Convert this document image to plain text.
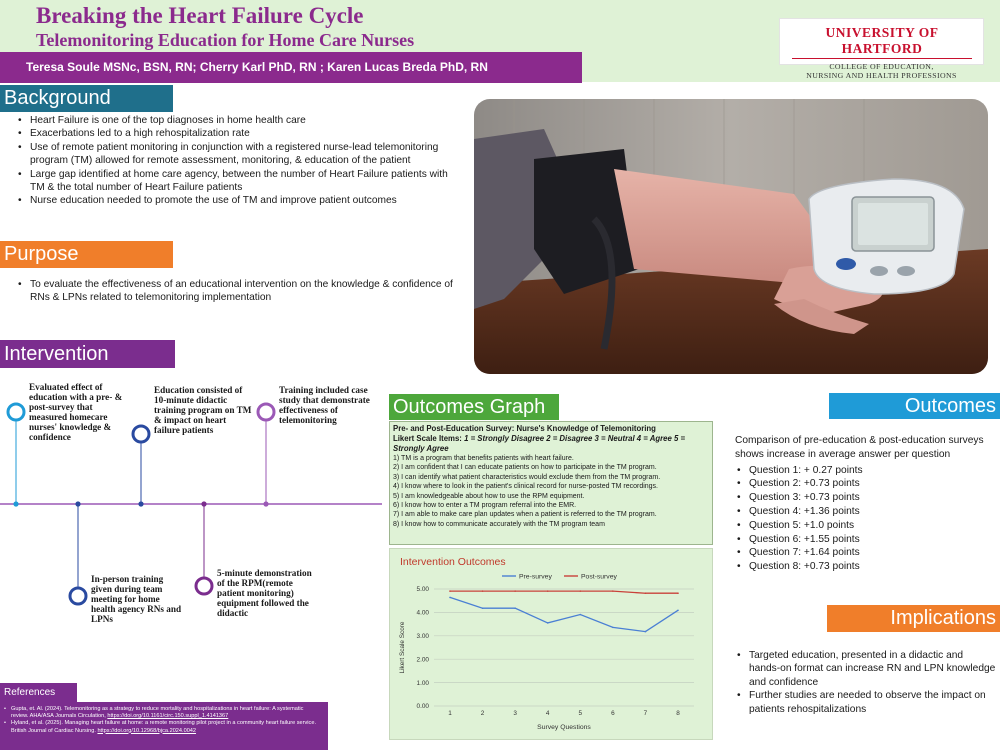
Breaking the Heart Failure Cycle
Telemonitoring Education for Home Care Nurses
Teresa Soule MSNc, BSN, RN; Cherry Karl PhD, RN ; Karen Lucas Breda PhD, RN
UNIVERSITY OF HARTFORD
COLLEGE OF EDUCATION,
NURSING AND HEALTH PROFESSIONS
Background
• Heart Failure is one of the top diagnoses in home health care
• Exacerbations led to a high rehospitalization rate
• Use of remote patient monitoring in conjunction with a registered nurse-lead telemonitoring program (TM) allowed for remote assessment, monitoring, & education of the patient
• Large gap identified at home care agency, between the number of Heart Failure patients with TM & the total number of Heart Failure patients
• Nurse education needed to promote the use of TM and improve patient outcomes
Purpose
• To evaluate the effectiveness of an educational intervention on the knowledge & confidence of RNs & LPNs related to telemonitoring implementation
Intervention
Evaluated effect of education with a pre- & post-survey that measured homecare nurses' knowledge & confidence
In-person training given during team meeting for home health agency RNs and LPNs
Education consisted of 10-minute didactic training program on TM & impact on heart failure patients
5-minute demonstration of the RPM(remote patient monitoring) equipment followed the didactic
Training included case study that demonstrate effectiveness of telemonitoring
Outcomes Graph
Pre- and Post-Education Survey: Nurse's Knowledge of Telemonitoring
Likert Scale Items: 1 = Strongly Disagree 2 = Disagree 3 = Neutral 4 = Agree 5 = Strongly Agree
1) TM is a program that benefits patients with heart failure.
2) I am confident that I can educate patients on how to participate in the TM program.
3) I can identify what patient characteristics would exclude them from the TM program.
4) I know where to look in the patient's clinical record for nurse-posted TM recordings.
5) I am knowledgeable about how to use the RPM equipment.
6) I know how to enter a TM program referral into the EMR.
7) I am able to make care plan updates when a patient is referred to the TM program.
8) I know how to communicate accurately with the TM program team
Intervention Outcomes
Pre-survey	Post-survey
0.00
1.00
2.00
3.00
4.00
5.00
1	2	3	4	5	6	7	8
Survey Questions
Likert Scale Score
Outcomes
Comparison of pre-education & post-education surveys shows increase in average answer per question
• Question 1: + 0.27 points
• Question 2: +0.73 points
• Question 3: +0.73 points
• Question 4: +1.36 points
• Question 5: +1.0 points
• Question 6: +1.55 points
• Question 7: +1.64 points
• Question 8: +0.73 points
Implications
• Targeted education, presented in a didactic and hands-on format can increase RN and LPN knowledge and confidence
• Further studies are needed to observe the impact on patients rehospitalizations
References
• Gupta, et. Al. (2024). Telemonitoring as a strategy to reduce mortality and hospitalizations in heart failure: A systematic review. AHA/ASA Journals Circulation, https://doi.org/10.1161/circ.150.suppl_1.4141367
• Hyland, et al. (2025). Managing heart failure at home: a remote monitoring pilot project in a community heart failure service. British Journal of Cardiac Nursing. https://doi.org/10.12968/bjca.2024.0042
